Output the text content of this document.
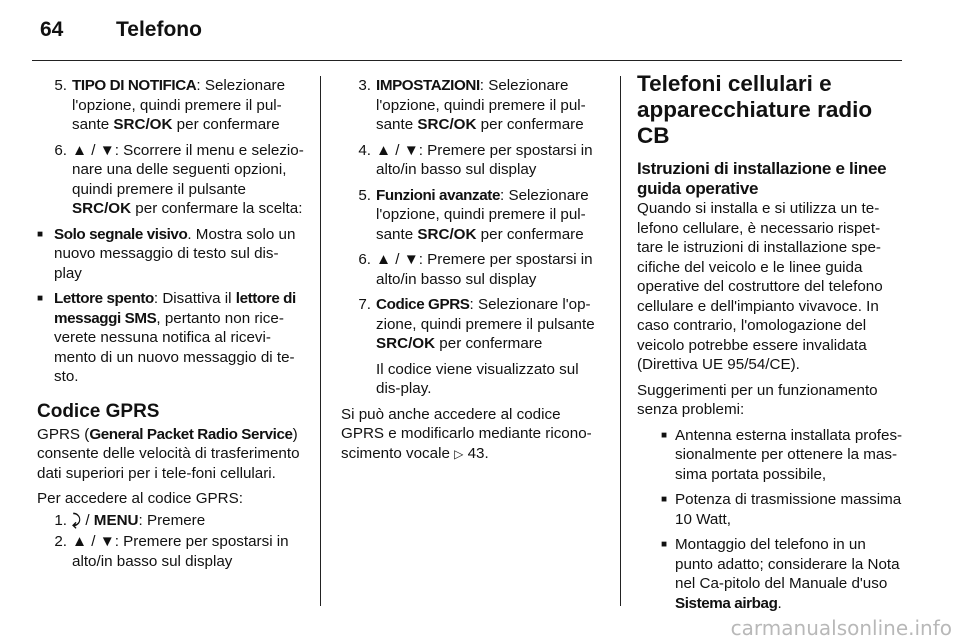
64	Telefono
5. TIPO DI NOTIFICA: Selezionare l'opzione, quindi premere il pul-sante SRC/OK per confermare
6. ▲ / ▼: Scorrere il menu e selezio-nare una delle seguenti opzioni, quindi premere il pulsante SRC/OK per confermare la scelta:
■
Solo segnale visivo. Mostra solo un nuovo messaggio di testo sul dis-play
■
Lettore spento: Disattiva il lettore di messaggi SMS, pertanto non rice-verete nessuna notifica al ricevi-mento di un nuovo messaggio di te-sto.
Codice GPRS
GPRS (General Packet Radio Service) consente delle velocità di trasferimento dati superiori per i tele-foni cellulari.
Per accedere al codice GPRS:
1. ⤸ / MENU: Premere
2. ▲ / ▼: Premere per spostarsi in alto/in basso sul display
3. IMPOSTAZIONI: Selezionare l'opzione, quindi premere il pul-sante SRC/OK per confermare
4. ▲ / ▼: Premere per spostarsi in alto/in basso sul display
5. Funzioni avanzate: Selezionare l'opzione, quindi premere il pul-sante SRC/OK per confermare
6. ▲ / ▼: Premere per spostarsi in alto/in basso sul display
7. Codice GPRS: Selezionare l'op-zione, quindi premere il pulsante SRC/OK per confermare
Il codice viene visualizzato sul dis-play.
Si può anche accedere al codice GPRS e modificarlo mediante ricono-scimento vocale ▷ 43.
Telefoni cellulari e apparecchiature radio CB
Istruzioni di installazione e linee guida operative
Quando si installa e si utilizza un te-lefono cellulare, è necessario rispet-tare le istruzioni di installazione spe-cifiche del veicolo e le linee guida operative del costruttore del telefono cellulare e dell'impianto vivavoce. In caso contrario, l'omologazione del veicolo potrebbe essere invalidata (Direttiva UE 95/54/CE).
Suggerimenti per un funzionamento senza problemi:
■
Antenna esterna installata profes-sionalmente per ottenere la mas-sima portata possibile,
■
Potenza di trasmissione massima 10 Watt,
■
Montaggio del telefono in un punto adatto; considerare la Nota nel Ca-pitolo del Manuale d'uso Sistema airbag.
carmanualsonline.info
